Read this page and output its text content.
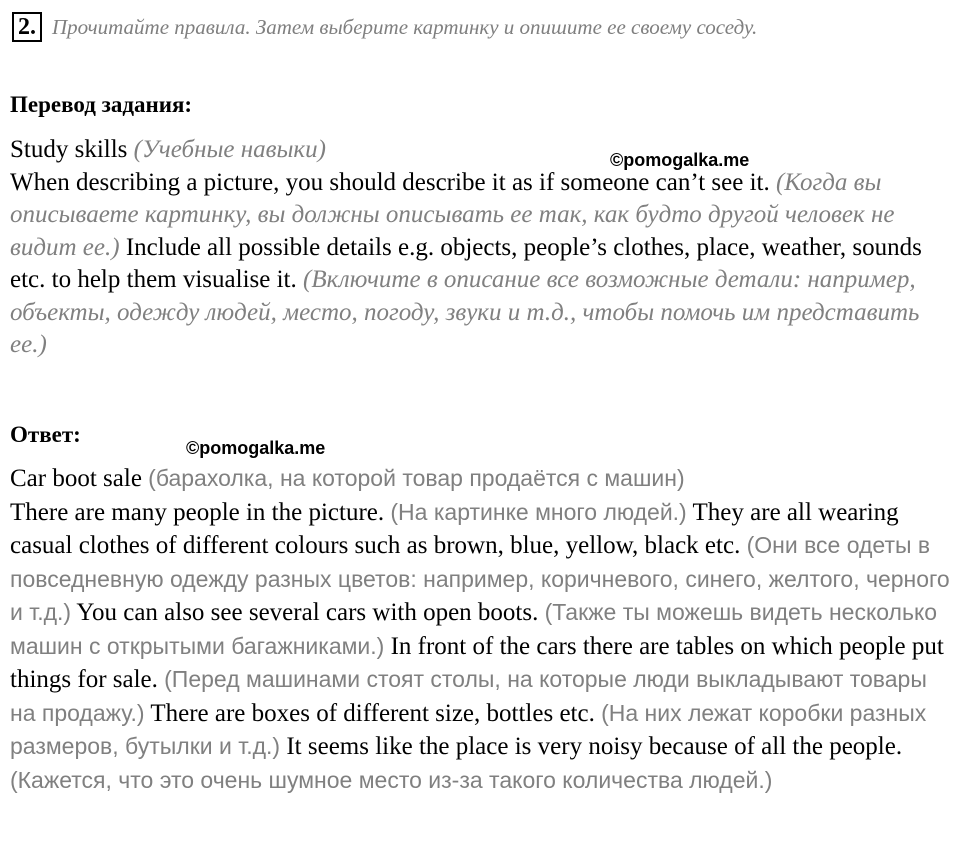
2. Прочитайте правила. Затем выберите картинку и опишите ее своему соседу.
Перевод задания:
©pomogalka.me

Study skills (Учебные навыки)
When describing a picture, you should describe it as if someone can’t see it. (Когда вы описываете картинку, вы должны описывать ее так, как будто другой человек не видит ее.) Include all possible details e.g. objects, people’s clothes, place, weather, sounds etc. to help them visualise it. (Включите в описание все возможные детали: например, объекты, одежду людей, место, погоду, звуки и т.д., чтобы помочь им представить ее.)

Ответ:
©pomogalka.me

Car boot sale (барахолка, на которой товар продаётся с машин)
There are many people in the picture. (На картинке много людей.) They are all wearing casual clothes of different colours such as brown, blue, yellow, black etc. (Они все одеты в повседневную одежду разных цветов: например, коричневого, синего, желтого, черного и т.д.) You can also see several cars with open boots. (Также ты можешь видеть несколько машин с открытыми багажниками.) In front of the cars there are tables on which people put things for sale. (Перед машинами стоят столы, на которые люди выкладывают товары на продажу.) There are boxes of different size, bottles etc. (На них лежат коробки разных размеров, бутылки и т.д.) It seems like the place is very noisy because of all the people. (Кажется, что это очень шумное место из-за такого количества людей.)
